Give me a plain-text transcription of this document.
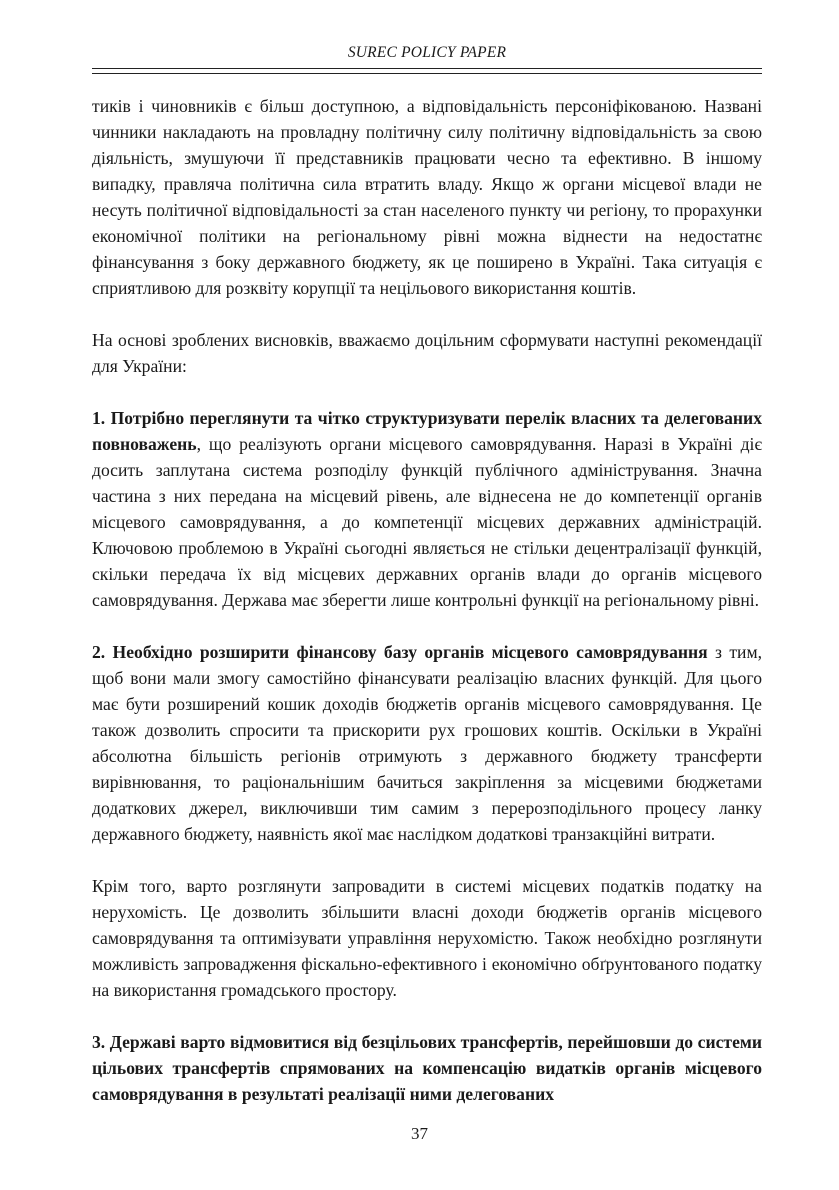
SUREC POLICY PAPER

тиків і чиновників є більш доступною, а відповідальність персоніфікованою. Названі чинники накладають на провладну політичну силу політичну відповідальність за свою діяльність, змушуючи її представників працювати чесно та ефективно. В іншому випадку, правляча політична сила втратить владу. Якщо ж органи місцевої влади не несуть політичної відповідальності за стан населеного пункту чи регіону, то прорахунки економічної політики на регіональному рівні можна віднести на недостатнє фінансування з боку державного бюджету, як це поширено в Україні. Така ситуація є сприятливою для розквіту корупції та нецільового використання коштів.

На основі зроблених висновків, вважаємо доцільним сформувати наступні рекомендації для України:

1. Потрібно переглянути та чітко структуризувати перелік власних та делегованих повноважень, що реалізують органи місцевого самоврядування. Наразі в Україні діє досить заплутана система розподілу функцій публічного адміністрування. Значна частина з них передана на місцевий рівень, але віднесена не до компетенції органів місцевого самоврядування, а до компетенції місцевих державних адміністрацій. Ключовою проблемою в Україні сьогодні являється не стільки децентралізації функцій, скільки передача їх від місцевих державних органів влади до органів місцевого самоврядування. Держава має зберегти лише контрольні функції на регіональному рівні.

2. Необхідно розширити фінансову базу органів місцевого самоврядування з тим, щоб вони мали змогу самостійно фінансувати реалізацію власних функцій. Для цього має бути розширений кошик доходів бюджетів органів місцевого самоврядування. Це також дозволить спросити та прискорити рух грошових коштів. Оскільки в Україні абсолютна більшість регіонів отримують з державного бюджету трансферти вирівнювання, то раціональнішим бачиться закріплення за місцевими бюджетами додаткових джерел, виключивши тим самим з перерозподільного процесу ланку державного бюджету, наявність якої має наслідком додаткові транзакційні витрати.

Крім того, варто розглянути запровадити в системі місцевих податків податку на нерухомість. Це дозволить збільшити власні доходи бюджетів органів місцевого самоврядування та оптимізувати управління нерухомістю. Також необхідно розглянути можливість запровадження фіскально-ефективного і економічно обґрунтованого податку на використання громадського простору.

3. Державі варто відмовитися від безцільових трансфертів, перейшовши до системи цільових трансфертів спрямованих на компенсацію видатків органів місцевого самоврядування в результаті реалізації ними делегованих

37
